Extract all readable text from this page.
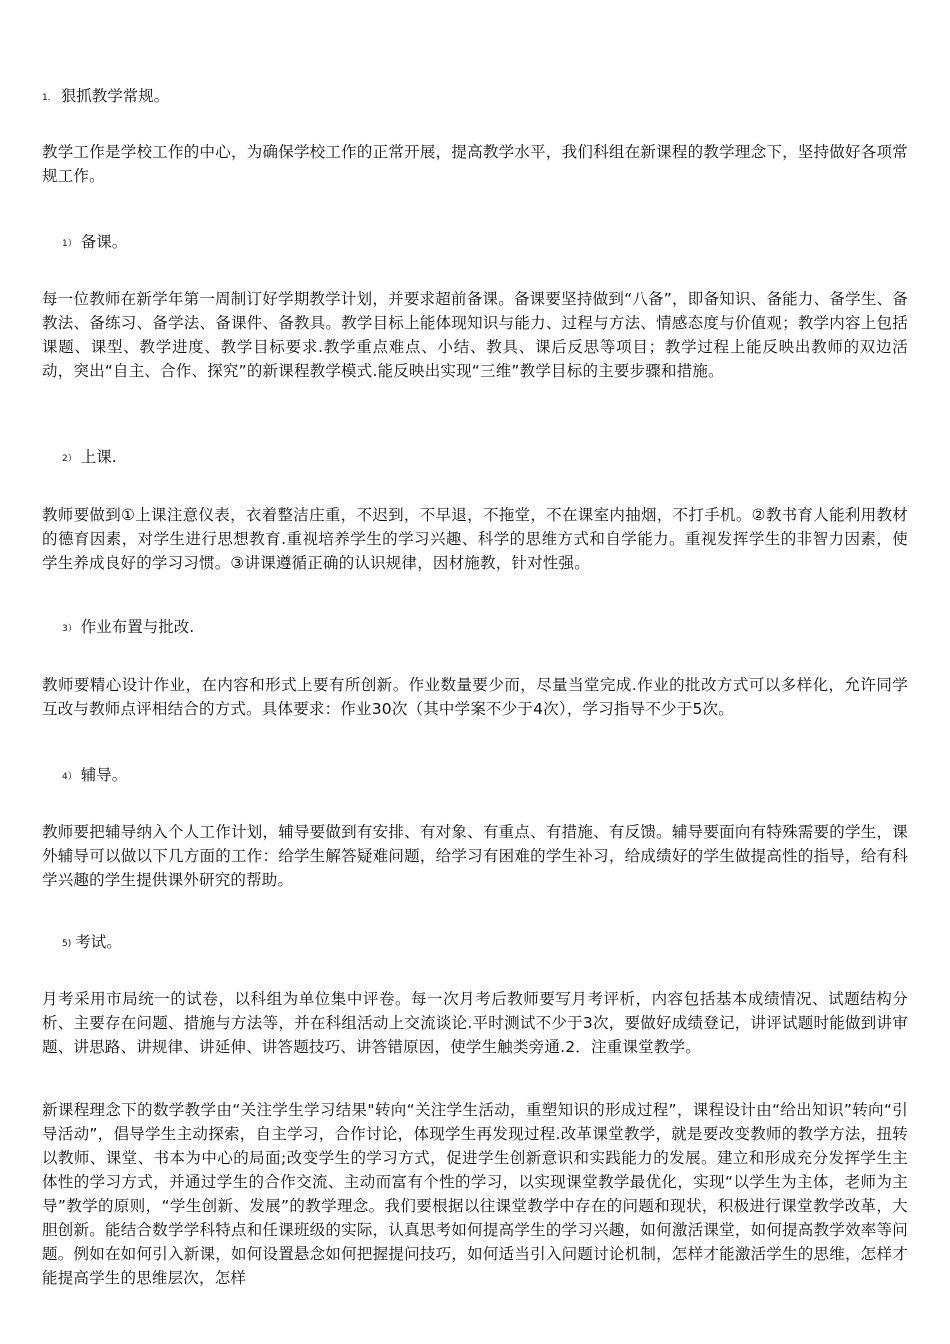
1． 狠抓教学常规。

教学工作是学校工作的中心，为确保学校工作的正常开展，提高教学水平，我们科组在新课程的教学理念下，坚持做好各项常规工作。

1） 备课。

每一位教师在新学年第一周制订好学期教学计划，并要求超前备课。备课要坚持做到“八备”，即备知识、备能力、备学生、备教法、备练习、备学法、备课件、备教具。教学目标上能体现知识与能力、过程与方法、情感态度与价值观；教学内容上包括课题、课型、教学进度、教学目标要求.教学重点难点、小结、教具、课后反思等项目；教学过程上能反映出教师的双边活动，突出“自主、合作、探究”的新课程教学模式.能反映出实现“三维”教学目标的主要步骤和措施。

2） 上课.

教师要做到①上课注意仪表，衣着整洁庄重，不迟到，不早退，不拖堂，不在课室内抽烟，不打手机。②教书育人能利用教材的德育因素，对学生进行思想教育.重视培养学生的学习兴趣、科学的思维方式和自学能力。重视发挥学生的非智力因素，使学生养成良好的学习习惯。③讲课遵循正确的认识规律，因材施教，针对性强。

3） 作业布置与批改.

教师要精心设计作业，在内容和形式上要有所创新。作业数量要少而，尽量当堂完成.作业的批改方式可以多样化，允许同学互改与教师点评相结合的方式。具体要求：作业30次（其中学案不少于4次），学习指导不少于5次。

4） 辅导。

教师要把辅导纳入个人工作计划，辅导要做到有安排、有对象、有重点、有措施、有反馈。辅导要面向有特殊需要的学生，课外辅导可以做以下几方面的工作：给学生解答疑难问题，给学习有困难的学生补习，给成绩好的学生做提高性的指导，给有科学兴趣的学生提供课外研究的帮助。

5) 考试。

月考采用市局统一的试卷，以科组为单位集中评卷。每一次月考后教师要写月考评析，内容包括基本成绩情况、试题结构分析、主要存在问题、措施与方法等，并在科组活动上交流谈论.平时测试不少于3次，要做好成绩登记，讲评试题时能做到讲审题、讲思路、讲规律、讲延伸、讲答题技巧、讲答错原因，使学生触类旁通.2．注重课堂教学。

新课程理念下的数学教学由“关注学生学习结果"转向“关注学生活动，重塑知识的形成过程”，课程设计由“给出知识”转向“引导活动”，倡导学生主动探索，自主学习，合作讨论，体现学生再发现过程.改革课堂教学，就是要改变教师的教学方法，扭转以教师、课堂、书本为中心的局面;改变学生的学习方式，促进学生创新意识和实践能力的发展。建立和形成充分发挥学生主体性的学习方式，并通过学生的合作交流、主动而富有个性的学习，以实现课堂教学最优化，实现“以学生为主体，老师为主导”教学的原则，“学生创新、发展”的教学理念。我们要根据以往课堂教学中存在的问题和现状，积极进行课堂教学改革，大胆创新。能结合数学学科特点和任课班级的实际，认真思考如何提高学生的学习兴趣，如何激活课堂，如何提高教学效率等问题。例如在如何引入新课，如何设置悬念如何把握提问技巧，如何适当引入问题讨论机制，怎样才能激活学生的思维，怎样才能提高学生的思维层次，怎样
